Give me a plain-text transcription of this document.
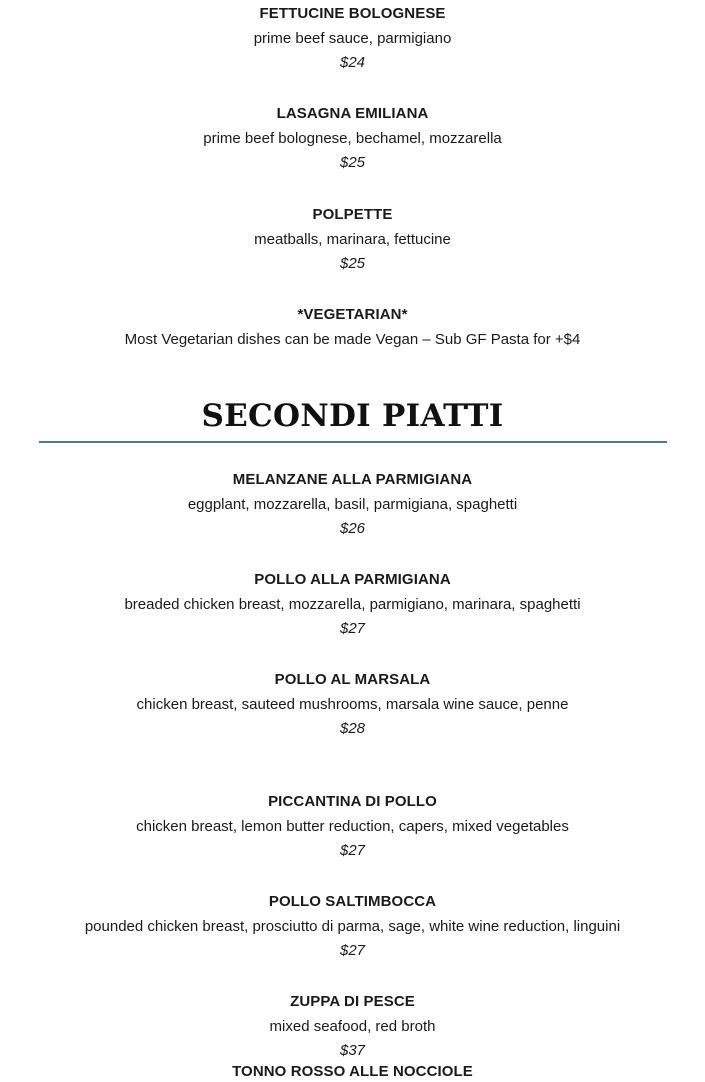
FETTUCINE BOLOGNESE

prime beef sauce, parmigiano

$24

LASAGNA EMILIANA

prime beef bolognese, bechamel, mozzarella

$25

POLPETTE

meatballs, marinara, fettucine

$25

*VEGETARIAN*

Most Vegetarian dishes can be made Vegan – Sub GF Pasta for +$4

SECONDI PIATTI

MELANZANE ALLA PARMIGIANA

eggplant, mozzarella, basil, parmigiana, spaghetti

$26

POLLO ALLA PARMIGIANA

breaded chicken breast, mozzarella, parmigiano, marinara, spaghetti

$27

POLLO AL MARSALA

chicken breast, sauteed mushrooms, marsala wine sauce, penne

$28

PICCANTINA DI POLLO

chicken breast, lemon butter reduction, capers, mixed vegetables

$27

POLLO SALTIMBOCCA

pounded chicken breast, prosciutto di parma, sage, white wine reduction, linguini

$27

ZUPPA DI PESCE

mixed seafood, red broth

$37

TONNO ROSSO ALLE NOCCIOLE
